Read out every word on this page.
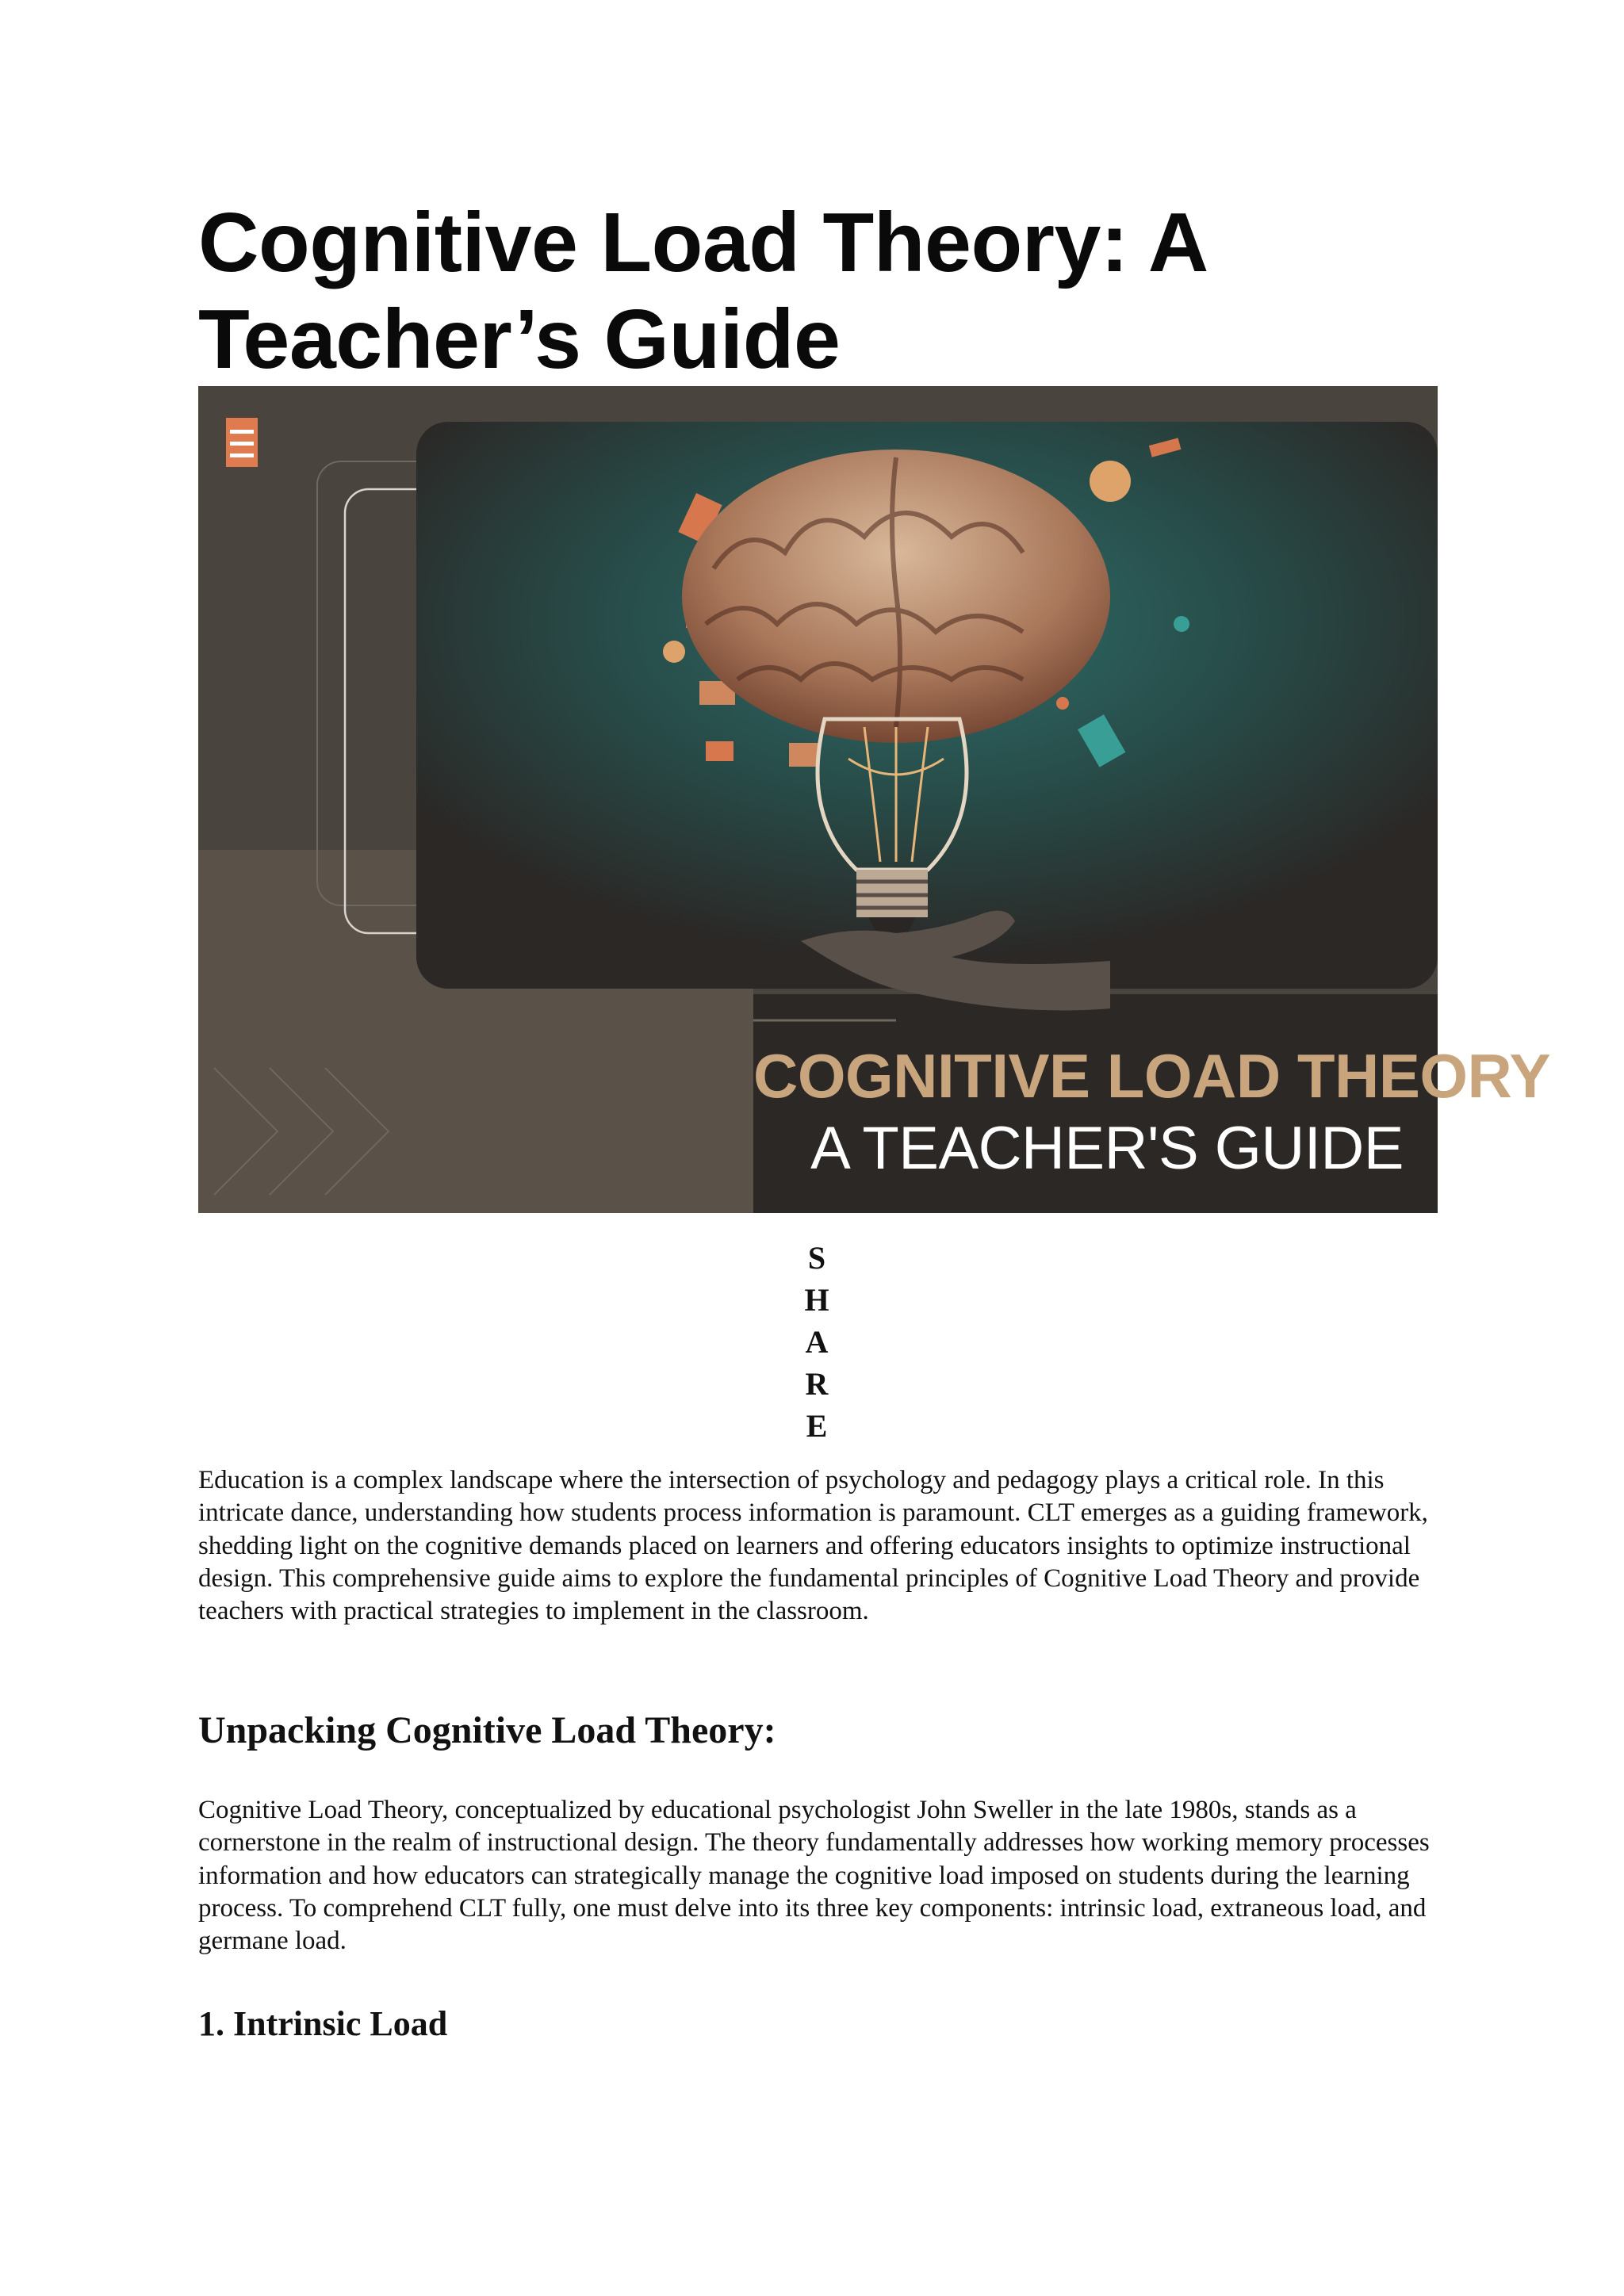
Cognitive Load Theory: A Teacher’s Guide
COGNITIVE LOAD THEORY
A TEACHER'S GUIDE
S
H
A
R
E

Education is a complex landscape where the intersection of psychology and pedagogy plays a critical role. In this intricate dance, understanding how students process information is paramount. CLT emerges as a guiding framework, shedding light on the cognitive demands placed on learners and offering educators insights to optimize instructional design. This comprehensive guide aims to explore the fundamental principles of Cognitive Load Theory and provide teachers with practical strategies to implement in the classroom.

Unpacking Cognitive Load Theory:

Cognitive Load Theory, conceptualized by educational psychologist John Sweller in the late 1980s, stands as a cornerstone in the realm of instructional design. The theory fundamentally addresses how working memory processes information and how educators can strategically manage the cognitive load imposed on students during the learning process. To comprehend CLT fully, one must delve into its three key components: intrinsic load, extraneous load, and germane load.

1. Intrinsic Load
